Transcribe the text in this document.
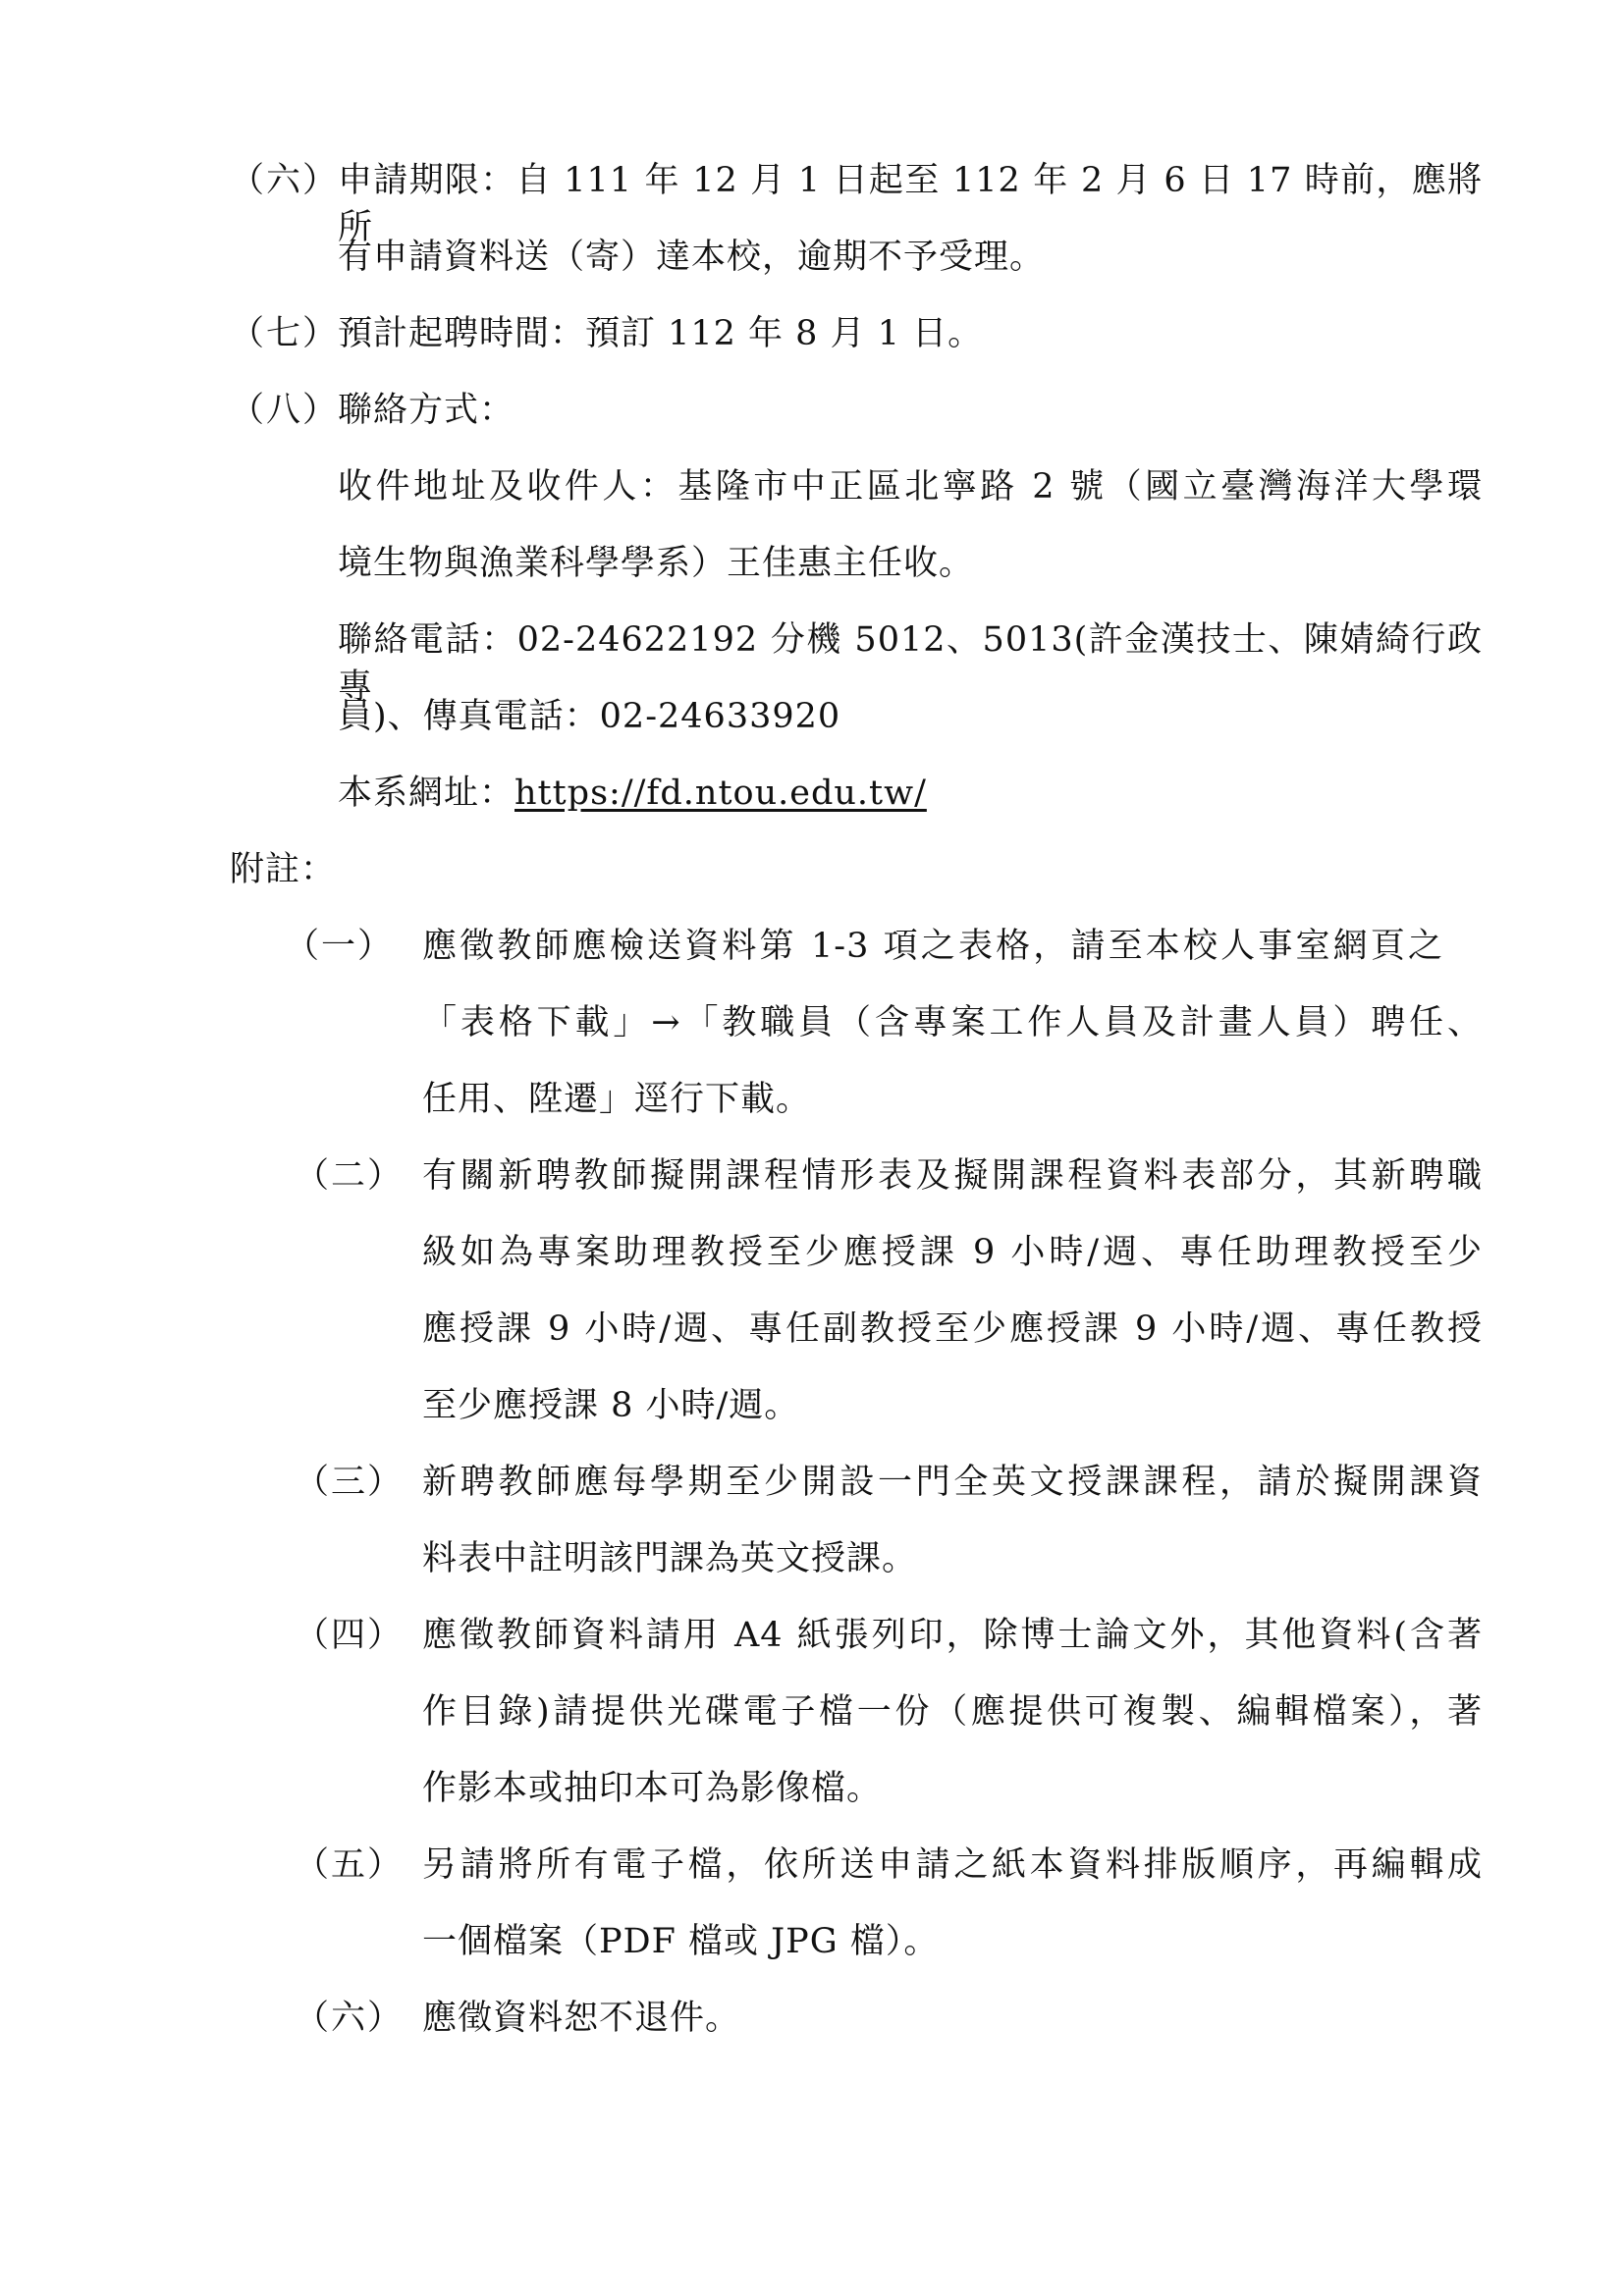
（六）
申請期限：自 111 年 12 月 1 日起至 112 年 2 月 6 日 17 時前，應將所
有申請資料送（寄）達本校，逾期不予受理。
（七）
預計起聘時間：預訂 112 年 8 月 1 日。
（八）
聯絡方式：
收件地址及收件人：基隆市中正區北寧路 2 號（國立臺灣海洋大學環
境生物與漁業科學學系）王佳惠主任收。
聯絡電話：02-24622192 分機 5012、5013(許金漢技士、陳婧綺行政專
員)、傳真電話：02-24633920
本系網址：https://fd.ntou.edu.tw/
附註：
（一） 應徵教師應檢送資料第 1-3 項之表格，請至本校人事室網頁之
「表格下載」→「教職員（含專案工作人員及計畫人員）聘任、
任用、陞遷」逕行下載。
（二） 有關新聘教師擬開課程情形表及擬開課程資料表部分，其新聘職
級如為專案助理教授至少應授課 9 小時/週、專任助理教授至少
應授課 9 小時/週、專任副教授至少應授課 9 小時/週、專任教授
至少應授課 8 小時/週。
（三） 新聘教師應每學期至少開設一門全英文授課課程，請於擬開課資
料表中註明該門課為英文授課。
（四） 應徵教師資料請用 A4 紙張列印，除博士論文外，其他資料(含著
作目錄)請提供光碟電子檔一份（應提供可複製、編輯檔案），著
作影本或抽印本可為影像檔。
（五） 另請將所有電子檔，依所送申請之紙本資料排版順序，再編輯成
一個檔案（PDF 檔或 JPG 檔）。
（六） 應徵資料恕不退件。
